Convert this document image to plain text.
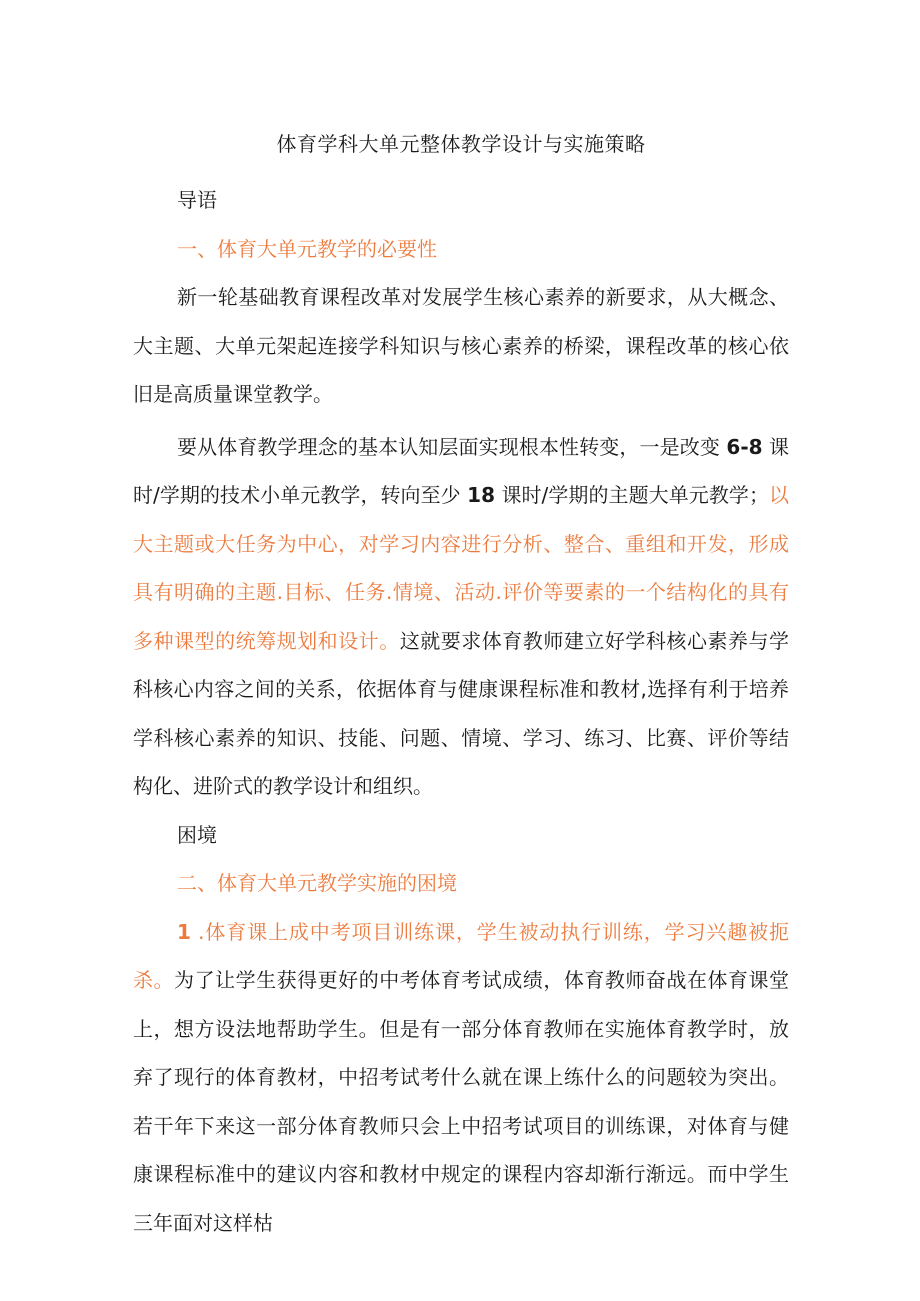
体育学科大单元整体教学设计与实施策略
导语
一、体育大单元教学的必要性

新一轮基础教育课程改革对发展学生核心素养的新要求，从大概念、大主题、大单元架起连接学科知识与核心素养的桥梁，课程改革的核心依旧是高质量课堂教学。

要从体育教学理念的基本认知层面实现根本性转变，一是改变 6-8 课时/学期的技术小单元教学，转向至少 18 课时/学期的主题大单元教学；以大主题或大任务为中心，对学习内容进行分析、整合、重组和开发，形成具有明确的主题.目标、任务.情境、活动.评价等要素的一个结构化的具有多种课型的统筹规划和设计。这就要求体育教师建立好学科核心素养与学科核心内容之间的关系，依据体育与健康课程标准和教材,选择有利于培养学科核心素养的知识、技能、问题、情境、学习、练习、比赛、评价等结构化、进阶式的教学设计和组织。

困境
二、体育大单元教学实施的困境

1 .体育课上成中考项目训练课，学生被动执行训练，学习兴趣被扼杀。为了让学生获得更好的中考体育考试成绩，体育教师奋战在体育课堂上，想方设法地帮助学生。但是有一部分体育教师在实施体育教学时，放弃了现行的体育教材，中招考试考什么就在课上练什么的问题较为突出。若干年下来这一部分体育教师只会上中招考试项目的训练课，对体育与健康课程标准中的建议内容和教材中规定的课程内容却渐行渐远。而中学生三年面对这样枯
